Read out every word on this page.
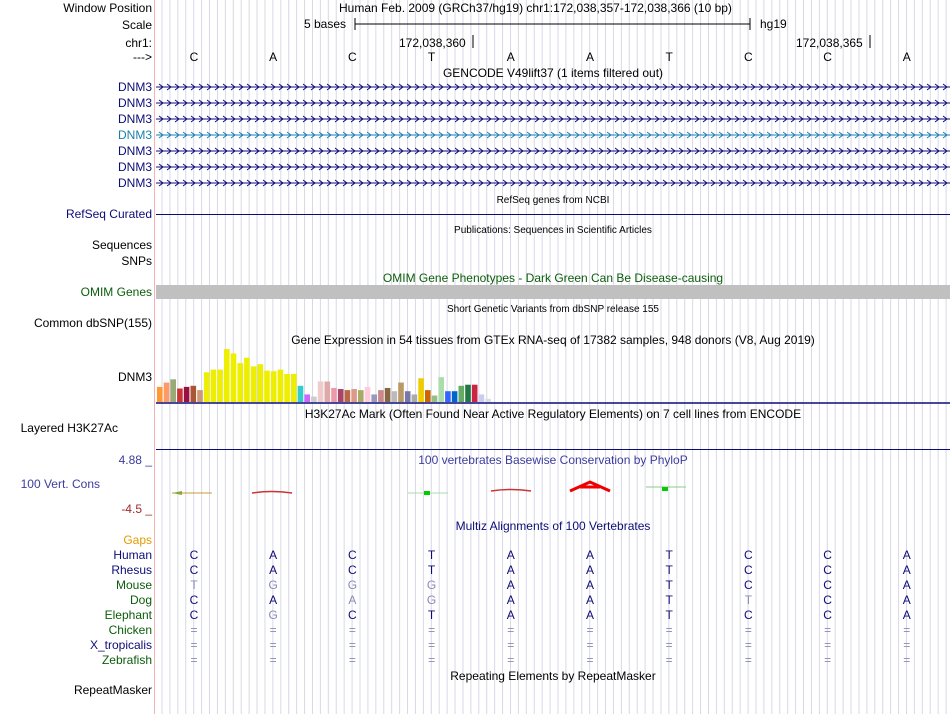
Window Position	Human Feb. 2009 (GRCh37/hg19) chr1:172,038,357-172,038,366 (10 bp)
Scale	5 bases	hg19
chr1:	172,038,360	172,038,365
--->
GENCODE V49lift37 (1 items filtered out)
RefSeq genes from NCBI
RefSeq Curated
Publications: Sequences in Scientific Articles
Sequences
SNPs
OMIM Gene Phenotypes - Dark Green Can Be Disease-causing
OMIM Genes
Short Genetic Variants from dbSNP release 155
Common dbSNP(155)
Gene Expression in 54 tissues from GTEx RNA-seq of 17382 samples, 948 donors (V8, Aug 2019)
DNM3
H3K27Ac Mark (Often Found Near Active Regulatory Elements) on 7 cell lines from ENCODE
Layered H3K27Ac
100 vertebrates Basewise Conservation by PhyloP
4.88 _
100 Vert. Cons
-4.5 _
Multiz Alignments of 100 Vertebrates
Gaps
Repeating Elements by RepeatMasker
RepeatMasker
C	A	C	T	A	A	T	C	C	A
DNM3
DNM3
DNM3
DNM3
DNM3
DNM3
DNM3
Human	C	A	C	T	A	A	T	C	C	A
Rhesus	C	A	C	T	A	A	T	C	C	A
Mouse	T	G	G	G	A	A	T	C	C	A
Dog	C	A	A	G	A	A	T	T	C	A
Elephant	C	G	C	T	A	A	T	C	C	A
Chicken	=	=	=	=	=	=	=	=	=	=
X_tropicalis	=	=	=	=	=	=	=	=	=	=
Zebrafish	=	=	=	=	=	=	=	=	=	=
